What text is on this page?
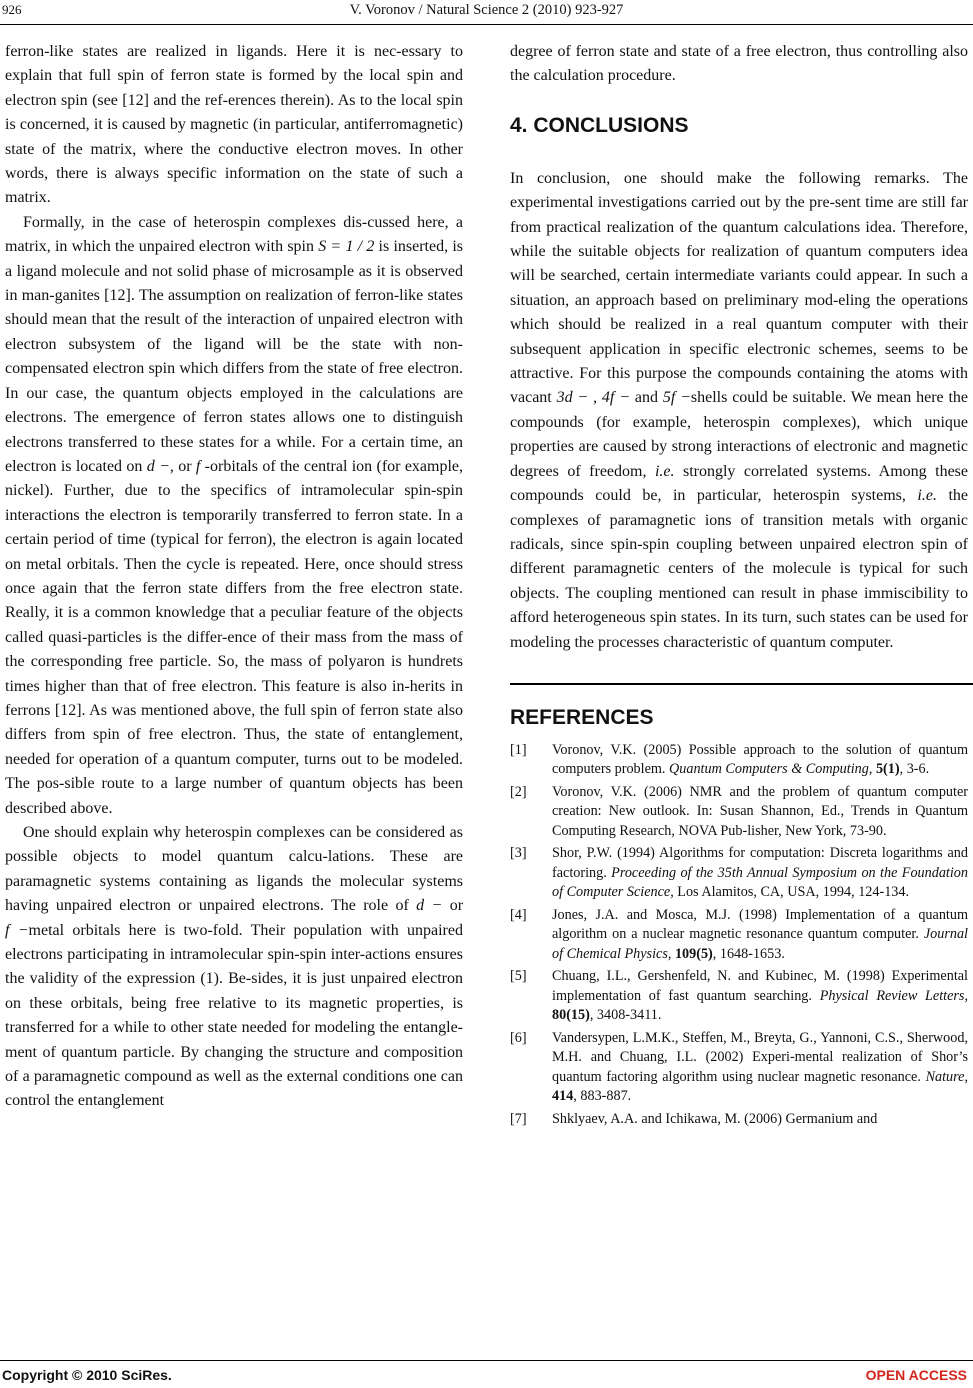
926	V. Voronov / Natural Science 2 (2010) 923-927

ferron-like states are realized in ligands. Here it is nec-essary to explain that full spin of ferron state is formed by the local spin and electron spin (see [12] and the ref-erences therein). As to the local spin is concerned, it is caused by magnetic (in particular, antiferromagnetic) state of the matrix, where the conductive electron moves. In other words, there is always specific information on the state of such a matrix.

Formally, in the case of heterospin complexes dis-cussed here, a matrix, in which the unpaired electron with spin S = 1 / 2 is inserted, is a ligand molecule and not solid phase of microsample as it is observed in man-ganites [12]. The assumption on realization of ferron-like states should mean that the result of the interaction of unpaired electron with electron subsystem of the ligand will be the state with non-compensated electron spin which differs from the state of free electron. In our case, the quantum objects employed in the calculations are electrons. The emergence of ferron states allows one to distinguish electrons transferred to these states for a while. For a certain time, an electron is located on d −, or f -orbitals of the central ion (for example, nickel). Further, due to the specifics of intramolecular spin-spin interactions the electron is temporarily transferred to ferron state. In a certain period of time (typical for ferron), the electron is again located on metal orbitals. Then the cycle is repeated. Here, once should stress once again that the ferron state differs from the free electron state. Really, it is a common knowledge that a peculiar feature of the objects called quasi-particles is the differ-ence of their mass from the mass of the corresponding free particle. So, the mass of polyaron is hundrets times higher than that of free electron. This feature is also in-herits in ferrons [12]. As was mentioned above, the full spin of ferron state also differs from spin of free electron. Thus, the state of entanglement, needed for operation of a quantum computer, turns out to be modeled. The pos-sible route to a large number of quantum objects has been described above.

One should explain why heterospin complexes can be considered as possible objects to model quantum calcu-lations. These are paramagnetic systems containing as ligands the molecular systems having unpaired electron or unpaired electrons. The role of d − or f −metal orbitals here is two-fold. Their population with unpaired electrons participating in intramolecular spin-spin inter-actions ensures the validity of the expression (1). Be-sides, it is just unpaired electron on these orbitals, being free relative to its magnetic properties, is transferred for a while to other state needed for modeling the entangle-ment of quantum particle. By changing the structure and composition of a paramagnetic compound as well as the external conditions one can control the entanglement

degree of ferron state and state of a free electron, thus controlling also the calculation procedure.

4. CONCLUSIONS

In conclusion, one should make the following remarks. The experimental investigations carried out by the pre-sent time are still far from practical realization of the quantum calculations idea. Therefore, while the suitable objects for realization of quantum computers idea will be searched, certain intermediate variants could appear. In such a situation, an approach based on preliminary mod-eling the operations which should be realized in a real quantum computer with their subsequent application in specific electronic schemes, seems to be attractive. For this purpose the compounds containing the atoms with vacant 3d − , 4f − and 5f −shells could be suitable. We mean here the compounds (for example, heterospin complexes), which unique properties are caused by strong interactions of electronic and magnetic degrees of freedom, i.e. strongly correlated systems. Among these compounds could be, in particular, heterospin systems, i.e. the complexes of paramagnetic ions of transition metals with organic radicals, since spin-spin coupling between unpaired electron spin of different paramagnetic centers of the molecule is typical for such objects. The coupling mentioned can result in phase immiscibility to afford heterogeneous spin states. In its turn, such states can be used for modeling the processes characteristic of quantum computer.

REFERENCES
[1]	Voronov, V.K. (2005) Possible approach to the solution of quantum computers problem. Quantum Computers & Computing, 5(1), 3-6.
[2]	Voronov, V.K. (2006) NMR and the problem of quantum computer creation: New outlook. In: Susan Shannon, Ed., Trends in Quantum Computing Research, NOVA Pub-lisher, New York, 73-90.
[3]	Shor, P.W. (1994) Algorithms for computation: Discreta logarithms and factoring. Proceeding of the 35th Annual Symposium on the Foundation of Computer Science, Los Alamitos, CA, USA, 1994, 124-134.
[4]	Jones, J.A. and Mosca, M.J. (1998) Implementation of a quantum algorithm on a nuclear magnetic resonance quantum computer. Journal of Chemical Physics, 109(5), 1648-1653.
[5]	Chuang, I.L., Gershenfeld, N. and Kubinec, M. (1998) Experimental implementation of fast quantum searching. Physical Review Letters, 80(15), 3408-3411.
[6]	Vandersypen, L.M.K., Steffen, M., Breyta, G., Yannoni, C.S., Sherwood, M.H. and Chuang, I.L. (2002) Experi-mental realization of Shor’s quantum factoring algorithm using nuclear magnetic resonance. Nature, 414, 883-887.
[7]	Shklyaev, A.A. and Ichikawa, M. (2006) Germanium and
Copyright © 2010 SciRes.	OPEN ACCESS
